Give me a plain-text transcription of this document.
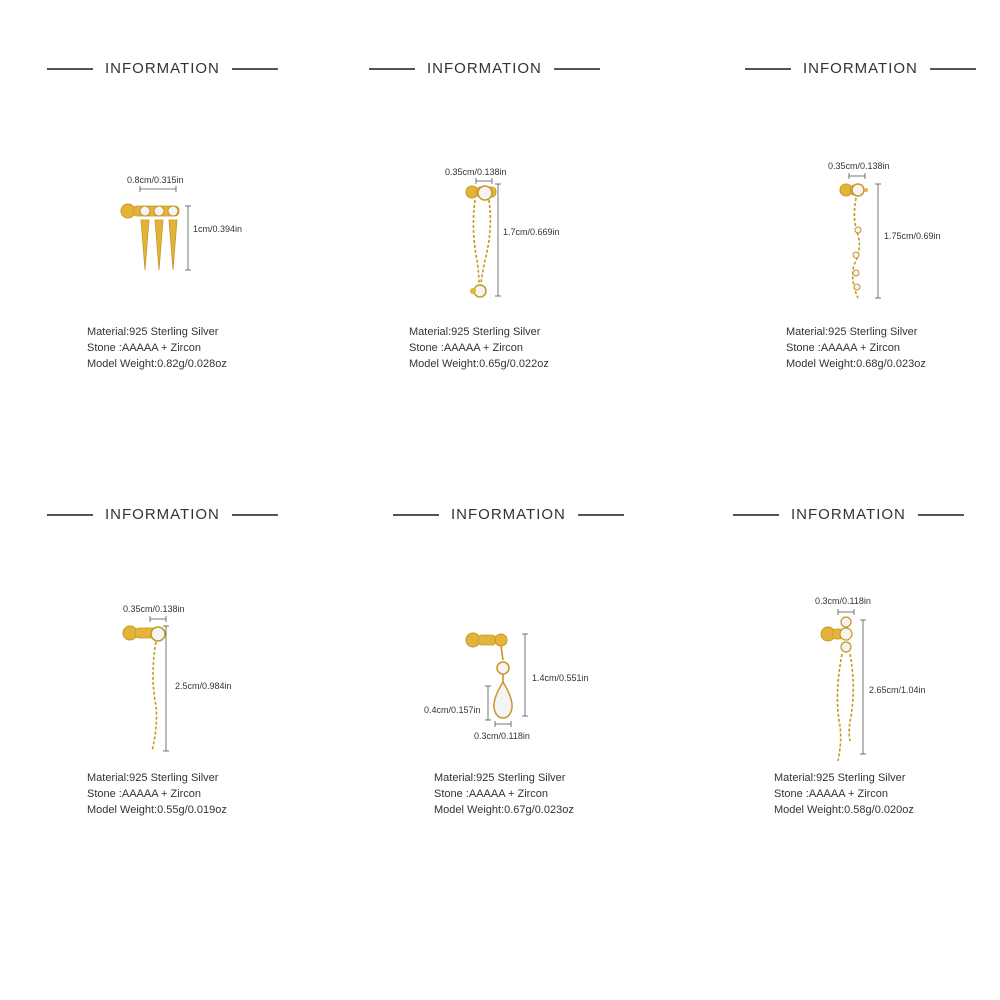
INFORMATION
0.8cm/0.315in
1cm/0.394in
Material:925 Sterling Silver
Stone :AAAAA + Zircon
Model Weight:0.82g/0.028oz
INFORMATION
0.35cm/0.138in
1.7cm/0.669in
Material:925 Sterling Silver
Stone :AAAAA + Zircon
Model Weight:0.65g/0.022oz
INFORMATION
0.35cm/0.138in
1.75cm/0.69in
Material:925 Sterling Silver
Stone :AAAAA + Zircon
Model Weight:0.68g/0.023oz
INFORMATION
0.35cm/0.138in
2.5cm/0.984in
Material:925 Sterling Silver
Stone :AAAAA + Zircon
Model Weight:0.55g/0.019oz
INFORMATION
1.4cm/0.551in
0.4cm/0.157in
0.3cm/0.118in
Material:925 Sterling Silver
Stone :AAAAA + Zircon
Model Weight:0.67g/0.023oz
INFORMATION
0.3cm/0.118in
2.65cm/1.04in
Material:925 Sterling Silver
Stone :AAAAA + Zircon
Model Weight:0.58g/0.020oz
